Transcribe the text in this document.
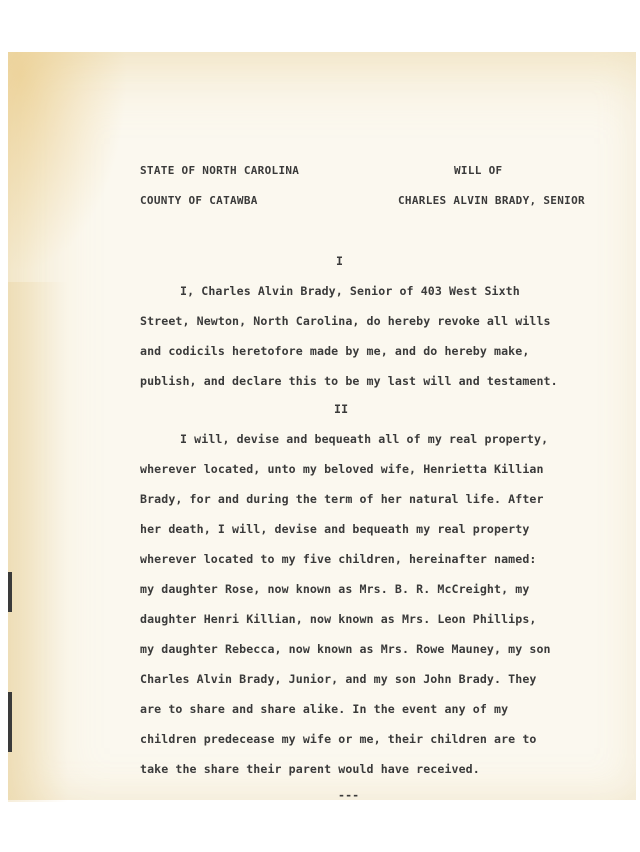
STATE OF NORTH CAROLINA

COUNTY OF CATAWBA

WILL OF

CHARLES ALVIN BRADY, SENIOR

I

I, Charles Alvin Brady, Senior of 403 West Sixth

Street, Newton, North Carolina, do hereby revoke all wills

and codicils heretofore made by me, and do hereby make,

publish, and declare this to be my last will and testament.

II

I will, devise and bequeath all of my real property,

wherever located, unto my beloved wife, Henrietta Killian

Brady, for and during the term of her natural life. After

her death, I will, devise and bequeath my real property

wherever located to my five children, hereinafter named:

my daughter Rose, now known as Mrs. B. R. McCreight, my

daughter Henri Killian, now known as Mrs. Leon Phillips,

my daughter Rebecca, now known as Mrs. Rowe Mauney, my son

Charles Alvin Brady, Junior, and my son John Brady. They

are to share and share alike. In the event any of my

children predecease my wife or me, their children are to

take the share their parent would have received.

---
